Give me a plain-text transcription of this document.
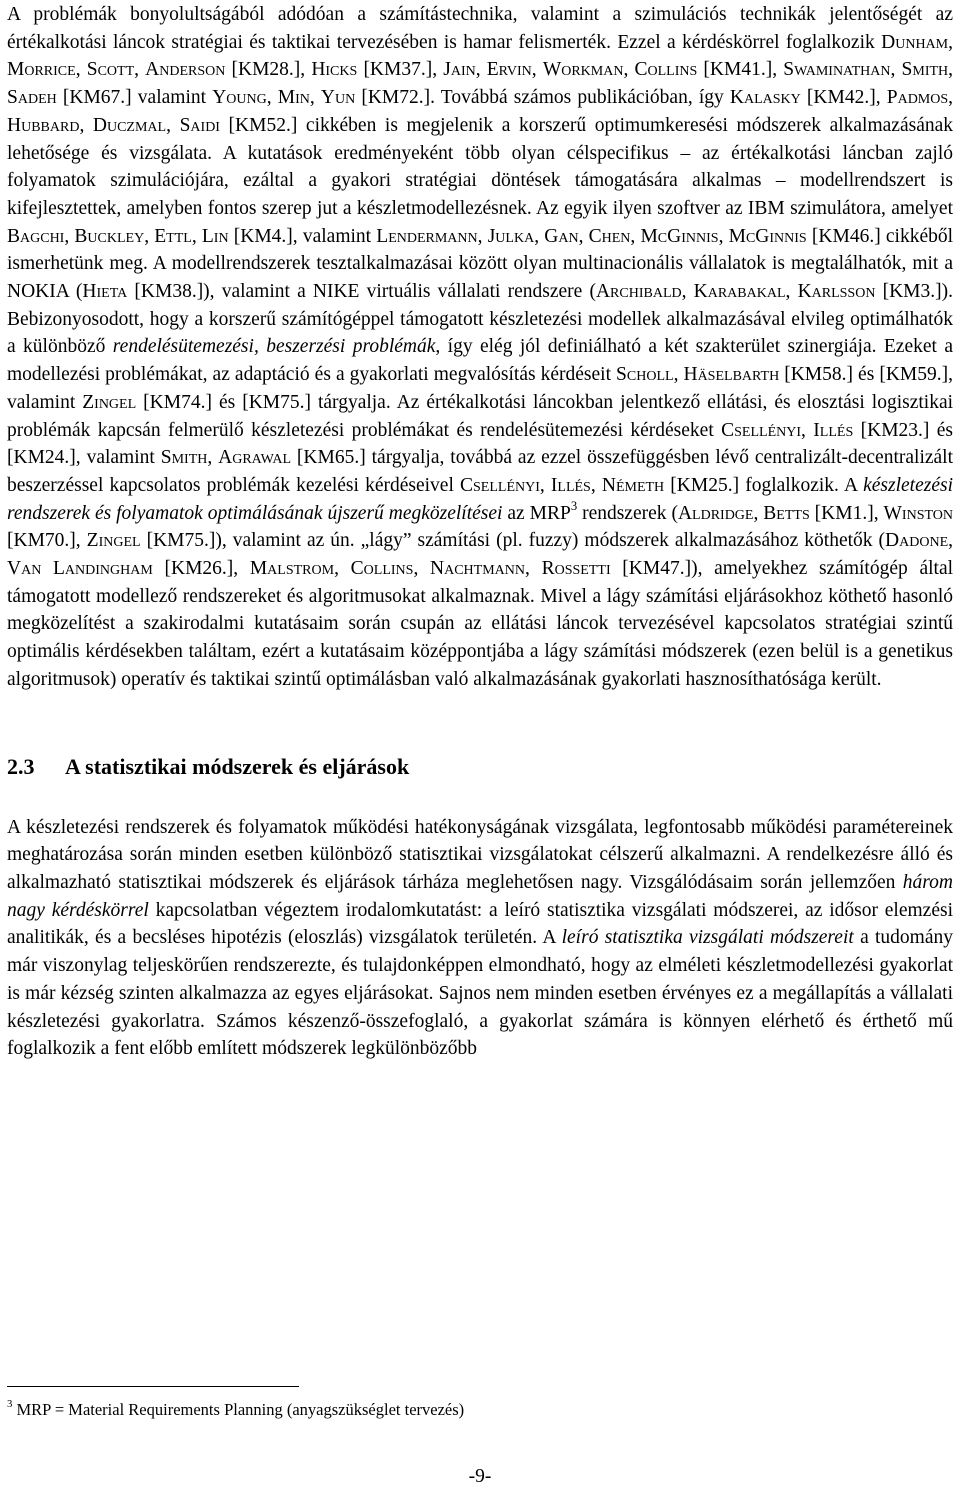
A problémák bonyolultságából adódóan a számítástechnika, valamint a szimulációs technikák jelentőségét az értékalkotási láncok stratégiai és taktikai tervezésében is hamar felismerték. Ezzel a kérdéskörrel foglalkozik Dunham, Morrice, Scott, Anderson [KM28.], Hicks [KM37.], Jain, Ervin, Workman, Collins [KM41.], Swaminathan, Smith, Sadeh [KM67.] valamint Young, Min, Yun [KM72.]. Továbbá számos publikációban, így Kalasky [KM42.], Padmos, Hubbard, Duczmal, Saidi [KM52.] cikkében is megjelenik a korszerű optimumkeresési módszerek alkalmazásának lehetősége és vizsgálata. A kutatások eredményeként több olyan célspecifikus – az értékalkotási láncban zajló folyamatok szimulációjára, ezáltal a gyakori stratégiai döntések támogatására alkalmas – modellrendszert is kifejlesztettek, amelyben fontos szerep jut a készletmodellezésnek. Az egyik ilyen szoftver az IBM szimulátora, amelyet Bagchi, Buckley, Ettl, Lin [KM4.], valamint Lendermann, Julka, Gan, Chen, McGinnis, McGinnis [KM46.] cikkéből ismerhetünk meg. A modellrendszerek tesztalkalmazásai között olyan multinacionális vállalatok is megtalálhatók, mit a NOKIA (Hieta [KM38.]), valamint a NIKE virtuális vállalati rendszere (Archibald, Karabakal, Karlsson [KM3.]). Bebizonyosodott, hogy a korszerű számítógéppel támogatott készletezési modellek alkalmazásával elvileg optimálhatók a különböző rendelésütemezési, beszerzési problémák, így elég jól definiálható a két szakterület szinergiája. Ezeket a modellezési problémákat, az adaptáció és a gyakorlati megvalósítás kérdéseit Scholl, Häselbarth [KM58.] és [KM59.], valamint Zingel [KM74.] és [KM75.] tárgyalja. Az értékalkotási láncokban jelentkező ellátási, és elosztási logisztikai problémák kapcsán felmerülő készletezési problémákat és rendelésütemezési kérdéseket Csellényi, Illés [KM23.] és [KM24.], valamint Smith, Agrawal [KM65.] tárgyalja, továbbá az ezzel összefüggésben lévő centralizált-decentralizált beszerzéssel kapcsolatos problémák kezelési kérdéseivel Csellényi, Illés, Németh [KM25.] foglalkozik. A készletezési rendszerek és folyamatok optimálásának újszerű megközelítései az MRP$^3$ rendszerek (Aldridge, Betts [KM1.], Winston [KM70.], Zingel [KM75.]), valamint az ún. „lágy” számítási (pl. fuzzy) módszerek alkalmazásához köthetők (Dadone, Van Landingham [KM26.], Malstrom, Collins, Nachtmann, Rossetti [KM47.]), amelyekhez számítógép által támogatott modellező rendszereket és algoritmusokat alkalmaznak. Mivel a lágy számítási eljárásokhoz köthető hasonló megközelítést a szakirodalmi kutatásaim során csupán az ellátási láncok tervezésével kapcsolatos stratégiai szintű optimális kérdésekben találtam, ezért a kutatásaim középpontjába a lágy számítási módszerek (ezen belül is a genetikus algoritmusok) operatív és taktikai szintű optimálásban való alkalmazásának gyakorlati hasznosíthatósága került.

2.3	A statisztikai módszerek és eljárások

A készletezési rendszerek és folyamatok működési hatékonyságának vizsgálata, legfontosabb működési paramétereinek meghatározása során minden esetben különböző statisztikai vizsgálatokat célszerű alkalmazni. A rendelkezésre álló és alkalmazható statisztikai módszerek és eljárások tárháza meglehetősen nagy. Vizsgálódásaim során jellemzően három nagy kérdéskörrel kapcsolatban végeztem irodalomkutatást: a leíró statisztika vizsgálati módszerei, az idősor elemzési analitikák, és a becsléses hipotézis (eloszlás) vizsgálatok területén. A leíró statisztika vizsgálati módszereit a tudomány már viszonylag teljeskörűen rendszerezte, és tulajdonképpen elmondható, hogy az elméleti készletmodellezési gyakorlat is már kézség szinten alkalmazza az egyes eljárásokat. Sajnos nem minden esetben érvényes ez a megállapítás a vállalati készletezési gyakorlatra. Számos készenző-összefoglaló, a gyakorlat számára is könnyen elérhető és érthető mű foglalkozik a fent előbb említett módszerek legkülönbözőbb

$^3$ MRP = Material Requirements Planning (anyagszükséglet tervezés)
-9-
